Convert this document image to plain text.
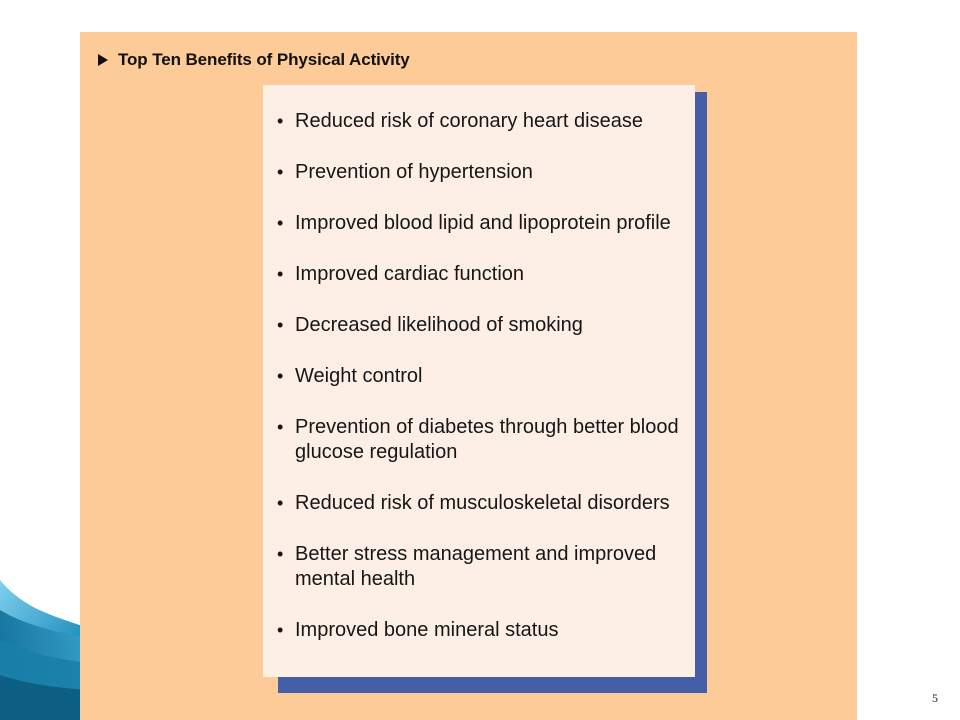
Top Ten Benefits of Physical Activity
• Reduced risk of coronary heart disease
• Prevention of hypertension
• Improved blood lipid and lipoprotein profile
• Improved cardiac function
• Decreased likelihood of smoking
• Weight control
• Prevention of diabetes through better blood glucose regulation
• Reduced risk of musculoskeletal disorders
• Better stress management and improved mental health
• Improved bone mineral status
5
